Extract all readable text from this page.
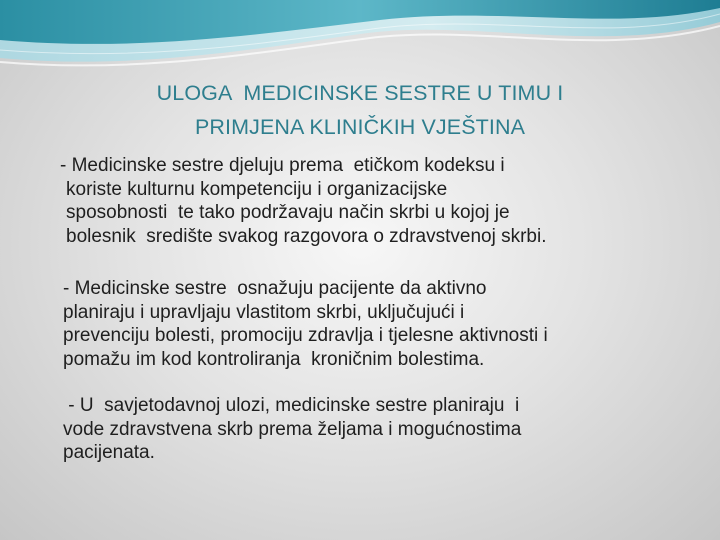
ULOGA  MEDICINSKE SESTRE U TIMU I
PRIMJENA KLINIČKIH VJEŠTINA
- Medicinske sestre djeluju prema  etičkom kodeksu i
koriste kulturnu kompetenciju i organizacijske
sposobnosti  te tako podržavaju način skrbi u kojoj je
bolesnik  središte svakog razgovora o zdravstvenoj skrbi.
- Medicinske sestre  osnažuju pacijente da aktivno
planiraju i upravljaju vlastitom skrbi, uključujući i
prevenciju bolesti, promociju zdravlja i tjelesne aktivnosti i
pomažu im kod kontroliranja  kroničnim bolestima.
- U  savjetodavnoj ulozi, medicinske sestre planiraju  i
vode zdravstvena skrb prema željama i mogućnostima
pacijenata.
